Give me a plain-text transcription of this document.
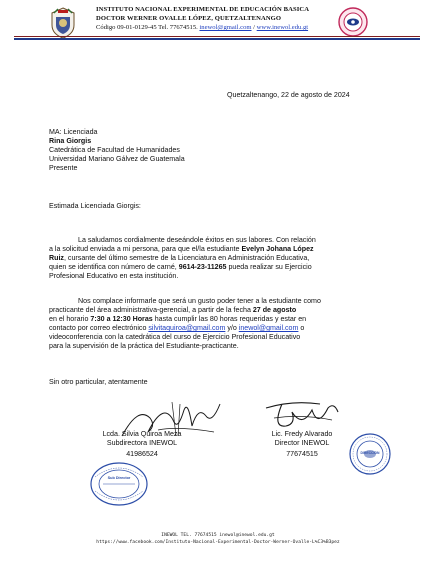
INSTITUTO NACIONAL EXPERIMENTAL DE EDUCACIÓN BASICA
DOCTOR WERNER OVALLE LÓPEZ, QUETZALTENANGO
Código 09-01-0129-45 Tel. 77674515. inewol@gmail.com / www.inewol.edu.gt
Quetzaltenango, 22 de agosto de 2024
MA: Licenciada
Rina Giorgis
Catedrática de Facultad de Humanidades
Universidad Mariano Gálvez de Guatemala
Presente
Estimada Licenciada Giorgis:
La saludamos cordialmente deseándole éxitos en sus labores. Con relación
a la solicitud enviada a mi persona, para que el/la estudiante Evelyn Johana López
Ruiz, cursante del último semestre de la Licenciatura en Administración Educativa,
quien se identifica con número de carné, 9614-23-11265 pueda realizar su Ejercicio
Profesional Educativo en esta institución.
Nos complace informarle que será un gusto poder tener a la estudiante como
practicante del área administrativa-gerencial, a partir de la fecha 27 de agosto
en el horario 7:30 a 12:30 Horas hasta cumplir las 80 horas requeridas y estar en
contacto por correo electrónico silvitaquiroa@gmail.com y/o inewol@gmail.com o
videoconferencia con la catedrática del curso de Ejercicio Profesional Educativo
para la supervisión de la práctica del Estudiante-practicante.
Sin otro particular, atentamente
Lcda. Silvia Quiroa Meza
Subdirectora INEWOL
41986524
Lic. Fredy Alvarado
Director INEWOL
77674515
Sub Director
DIRECCION
INEWOL TEL. 77674515 inewol@inewol.edu.gt
https://www.facebook.com/Instituto-Nacional-Experimental-Doctor-Werner-Ovalle-L%C3%B3pez
